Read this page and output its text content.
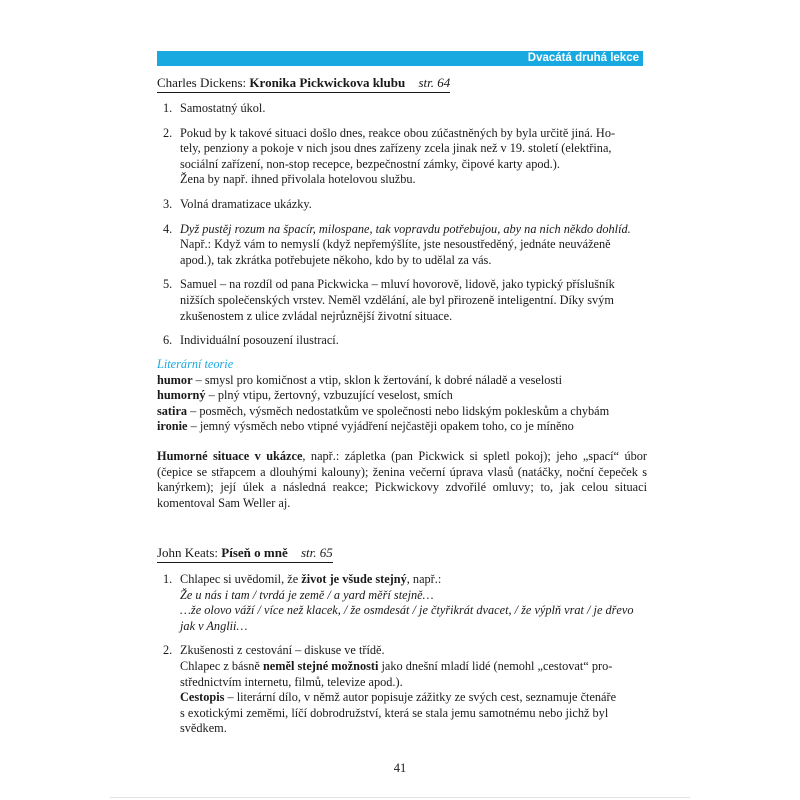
Dvacátá druhá lekce
Charles Dickens: Kronika Pickwickova klubu str. 64
1. Samostatný úkol.
2. Pokud by k takové situaci došlo dnes, reakce obou zúčastněných by byla určitě jiná. Ho-
tely, penziony a pokoje v nich jsou dnes zařízeny zcela jinak než v 19. století (elektřina,
sociální zařízení, non-stop recepce, bezpečnostní zámky, čipové karty apod.).
Žena by např. ihned přivolala hotelovou službu.
3. Volná dramatizace ukázky.
4. Dyž pustěj rozum na špacír, milospane, tak vopravdu potřebujou, aby na nich někdo dohlíd.
Např.: Když vám to nemyslí (když nepřemýšlíte, jste nesoustředěný, jednáte neuváženě
apod.), tak zkrátka potřebujete někoho, kdo by to udělal za vás.
5. Samuel – na rozdíl od pana Pickwicka – mluví hovorově, lidově, jako typický příslušník
nižších společenských vrstev. Neměl vzdělání, ale byl přirozeně inteligentní. Díky svým
zkušenostem z ulice zvládal nejrůznější životní situace.
6. Individuální posouzení ilustrací.
Literární teorie
humor – smysl pro komičnost a vtip, sklon k žertování, k dobré náladě a veselosti
humorný – plný vtipu, žertovný, vzbuzující veselost, smích
satira – posměch, výsměch nedostatkům ve společnosti nebo lidským pokleskům a chybám
ironie – jemný výsměch nebo vtipné vyjádření nejčastěji opakem toho, co je míněno
Humorné situace v ukázce, např.: zápletka (pan Pickwick si spletl pokoj); jeho „spací“ úbor (čepice se střapcem a dlouhými kalouny); ženina večerní úprava vlasů (natáčky, noční čepeček s kanýrkem); její úlek a následná reakce; Pickwickovy zdvořilé omluvy; to, jak celou situaci komentoval Sam Weller aj.
John Keats: Píseň o mně str. 65
1. Chlapec si uvědomil, že život je všude stejný, např.:
Že u nás i tam / tvrdá je země / a yard měří stejně…
…že olovo váží / více než klacek, / že osmdesát / je čtyřikrát dvacet, / že výplň vrat / je dřevo
jak v Anglii…
2. Zkušenosti z cestování – diskuse ve třídě.
Chlapec z básně neměl stejné možnosti jako dnešní mladí lidé (nemohl „cestovat“ pro-
střednictvím internetu, filmů, televize apod.).
Cestopis – literární dílo, v němž autor popisuje zážitky ze svých cest, seznamuje čtenáře
s exotickými zeměmi, líčí dobrodružství, která se stala jemu samotnému nebo jichž byl
svědkem.
41
